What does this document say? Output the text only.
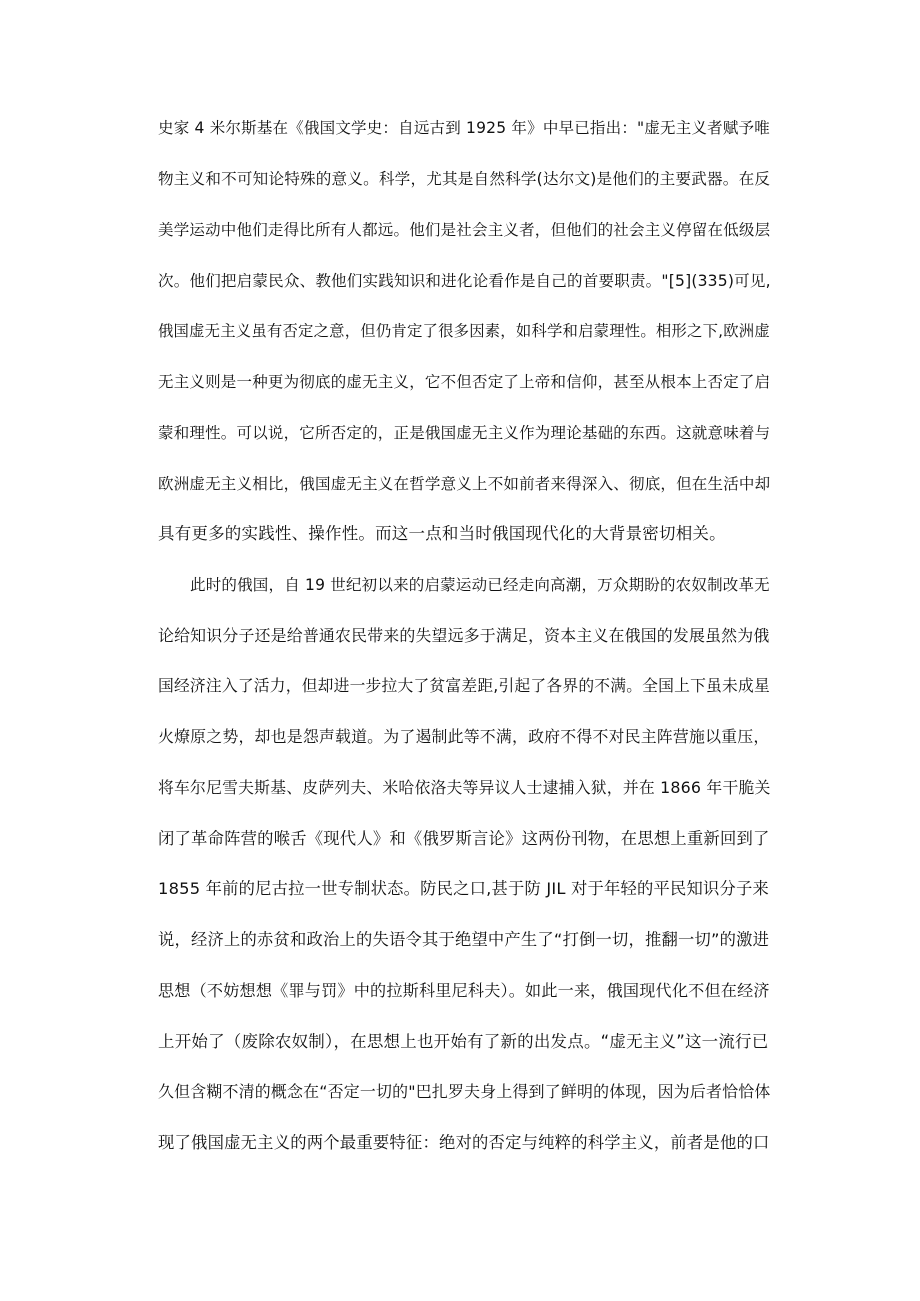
史家 4 米尔斯基在《俄国文学史：自远古到 1925 年》中早已指出："虚无主义者赋予唯
物主义和不可知论特殊的意义。科学，尤其是自然科学(达尔文)是他们的主要武器。在反
美学运动中他们走得比所有人都远。他们是社会主义者，但他们的社会主义停留在低级层
次。他们把启蒙民众、教他们实践知识和进化论看作是自己的首要职责。"[5](335)可见,
俄国虚无主义虽有否定之意，但仍肯定了很多因素，如科学和启蒙理性。相形之下,欧洲虚
无主义则是一种更为彻底的虚无主义，它不但否定了上帝和信仰，甚至从根本上否定了启
蒙和理性。可以说，它所否定的，正是俄国虚无主义作为理论基础的东西。这就意味着与
欧洲虚无主义相比，俄国虚无主义在哲学意义上不如前者来得深入、彻底，但在生活中却
具有更多的实践性、操作性。而这一点和当时俄国现代化的大背景密切相关。
此时的俄国，自 19 世纪初以来的启蒙运动已经走向高潮，万众期盼的农奴制改革无
论给知识分子还是给普通农民带来的失望远多于满足，资本主义在俄国的发展虽然为俄
国经济注入了活力，但却进一步拉大了贫富差距,引起了各界的不满。全国上下虽未成星
火燎原之势，却也是怨声载道。为了遏制此等不满，政府不得不对民主阵营施以重压，
将车尔尼雪夫斯基、皮萨列夫、米哈依洛夫等异议人士逮捕入狱，并在 1866 年干脆关
闭了革命阵营的喉舌《现代人》和《俄罗斯言论》这两份刊物，在思想上重新回到了
1855 年前的尼古拉一世专制状态。防民之口,甚于防 JIL 对于年轻的平民知识分子来
说，经济上的赤贫和政治上的失语令其于绝望中产生了“打倒一切，推翻一切”的激进
思想（不妨想想《罪与罚》中的拉斯科里尼科夫）。如此一来，俄国现代化不但在经济
上开始了（废除农奴制），在思想上也开始有了新的出发点。“虚无主义”这一流行已
久但含糊不清的概念在“否定一切的"巴扎罗夫身上得到了鲜明的体现，因为后者恰恰体
现了俄国虚无主义的两个最重要特征：绝对的否定与纯粹的科学主义，前者是他的口
